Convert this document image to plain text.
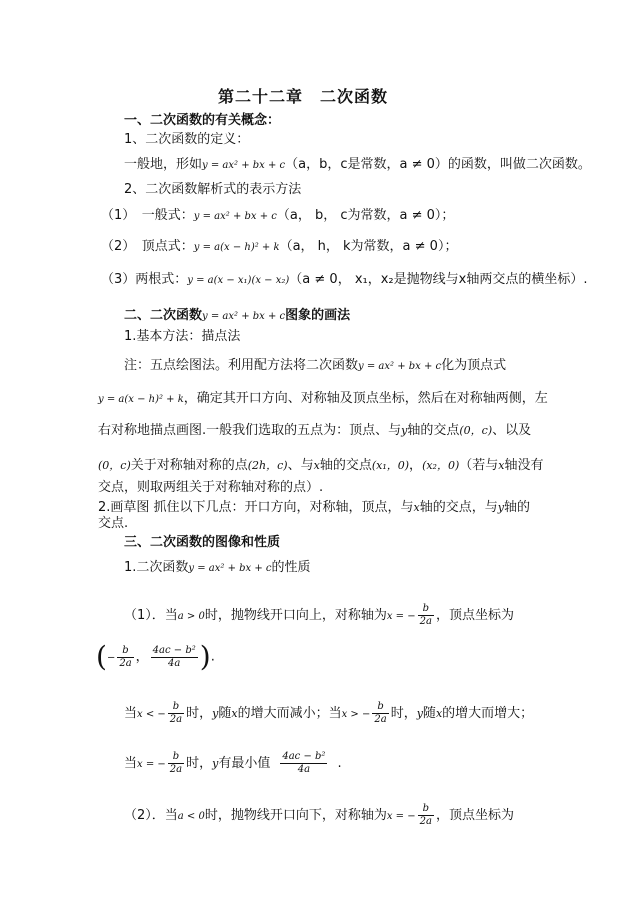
第二十二章　二次函数
一、二次函数的有关概念：
1、二次函数的定义：
一般地，形如y = ax² + bx + c（a，b，c是常数，a ≠ 0）的函数，叫做二次函数。
2、二次函数解析式的表示方法
（1）　一般式：y = ax² + bx + c（a， b， c为常数，a ≠ 0）；
（2）　顶点式：y = a(x − h)² + k（a， h， k为常数，a ≠ 0）；
（3）两根式：y = a(x − x₁)(x − x₂)（a ≠ 0， x₁，x₂是抛物线与x轴两交点的横坐标）.
二、二次函数y = ax² + bx + c图象的画法
1.基本方法：描点法
注：五点绘图法。利用配方法将二次函数y = ax² + bx + c化为顶点式
y = a(x − h)² + k，确定其开口方向、对称轴及顶点坐标，然后在对称轴两侧，左
右对称地描点画图.一般我们选取的五点为：顶点、与y轴的交点(0，c)、以及
(0，c)关于对称轴对称的点(2h，c)、与x轴的交点(x₁，0)，(x₂，0)（若与x轴没有
交点，则取两组关于对称轴对称的点）.
2.画草图 抓住以下几点：开口方向，对称轴，顶点，与x轴的交点，与y轴的
交点.
三、二次函数的图像和性质
1.二次函数y = ax² + bx + c的性质
（1）．当a > 0时，抛物线开口向上，对称轴为x = − $\frac{b}{2a}$ ，顶点坐标为
(− $\frac{b}{2a}$ ， $\frac{\text{4ac − b²}}{4a}$ ).
当x < − $\frac{b}{2a}$ 时，y随x的增大而减小；当x > − $\frac{b}{2a}$ 时，y随x的增大而增大；
当x = − $\frac{b}{2a}$ 时，y有最小值 $\frac{\text{4ac − b²}}{4a}$ .
（2）．当a < 0时，抛物线开口向下，对称轴为x = − $\frac{b}{2a}$ ，顶点坐标为
